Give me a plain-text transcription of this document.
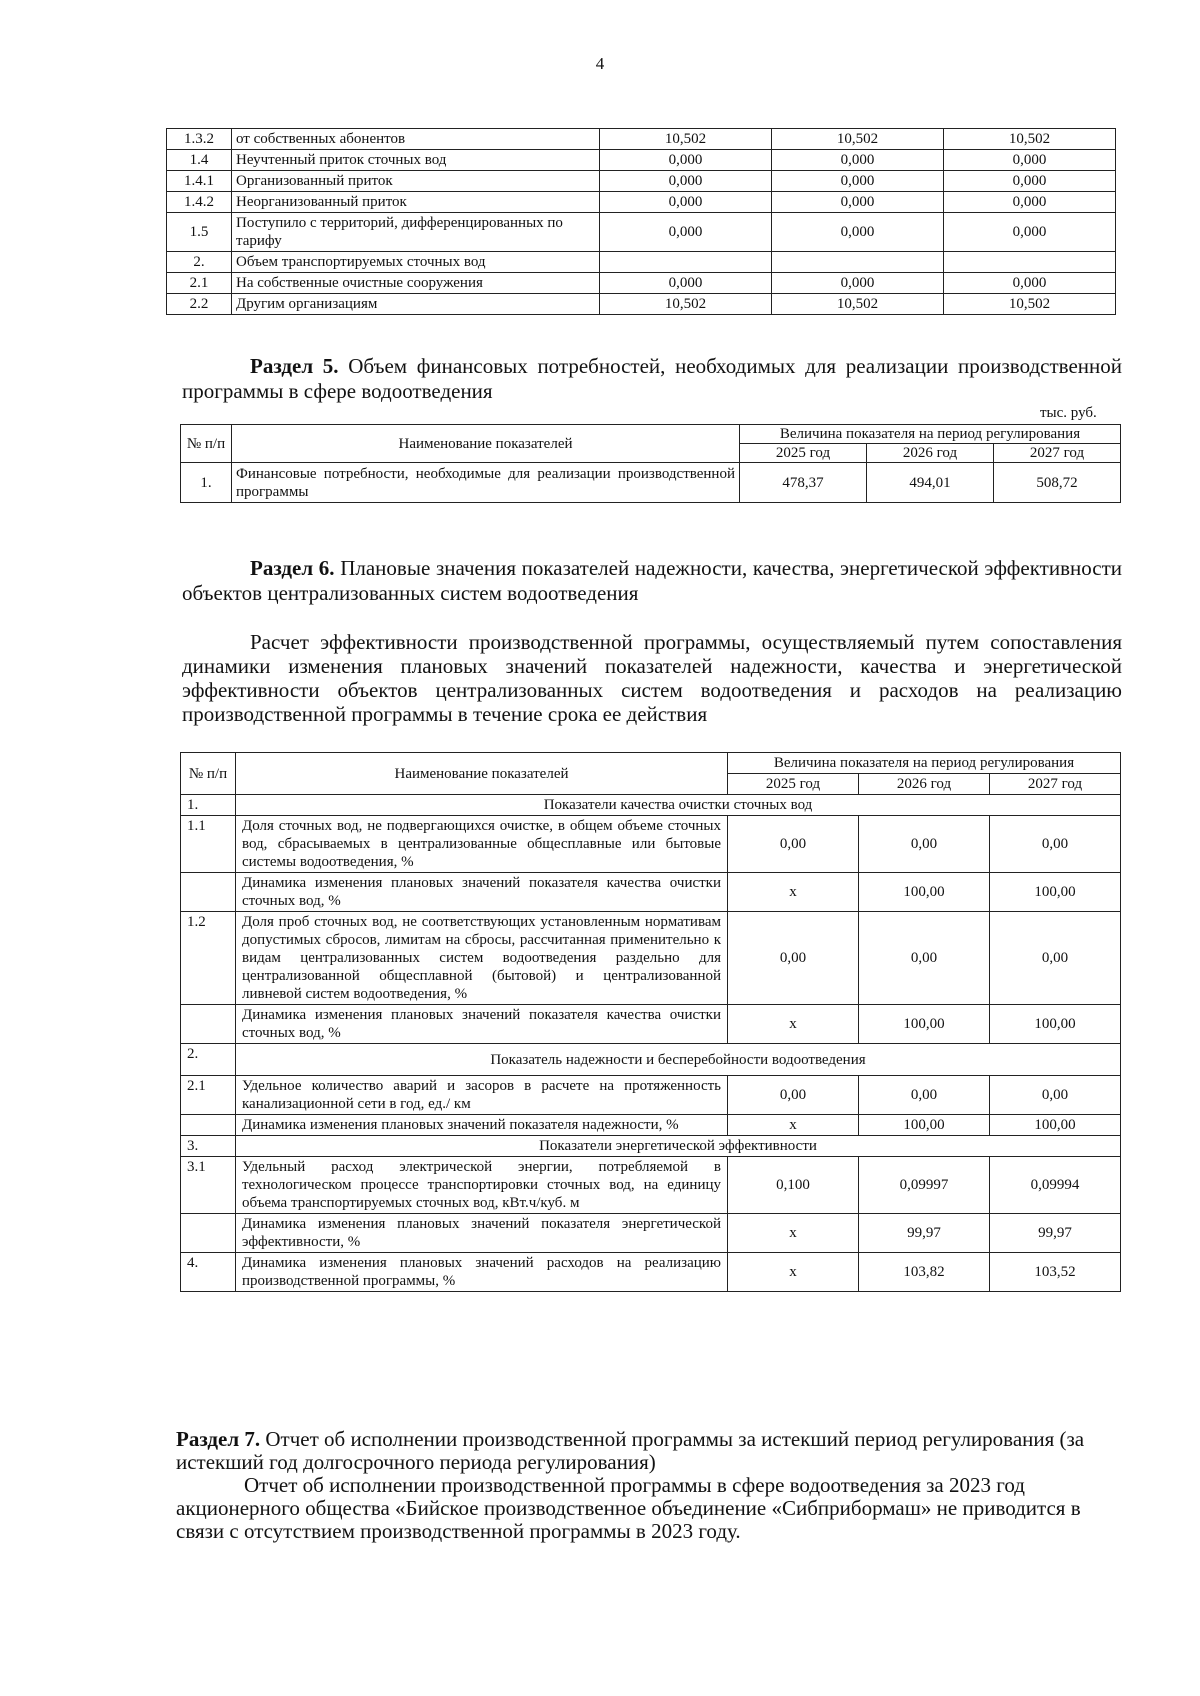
4
1.3.2	от собственных абонентов	10,502	10,502	10,502
1.4	Неучтенный приток сточных вод	0,000	0,000	0,000
1.4.1	Организованный приток	0,000	0,000	0,000
1.4.2	Неорганизованный приток	0,000	0,000	0,000
1.5	Поступило с территорий, дифференцированных по тарифу	0,000	0,000	0,000
2.	Объем транспортируемых сточных вод			
2.1	На собственные очистные сооружения	0,000	0,000	0,000
2.2	Другим организациям	10,502	10,502	10,502
Раздел 5. Объем финансовых потребностей, необходимых для реализации производственной программы в сфере водоотведения
тыс. руб.
№ п/п	Наименование показателей	Величина показателя на период регулирования		
		2025 год	2026 год	2027 год
1.	Финансовые потребности, необходимые для реализации производственной программы	478,37	494,01	508,72
Раздел 6. Плановые значения показателей надежности, качества, энергетической эффективности объектов централизованных систем водоотведения
Расчет эффективности производственной программы, осуществляемый путем сопоставления динамики изменения плановых значений показателей надежности, качества и энергетической эффективности объектов централизованных систем водоотведения и расходов на реализацию производственной программы в течение срока ее действия
№ п/п	Наименование показателей	Величина показателя на период регулирования		
		2025 год	2026 год	2027 год
1.	Показатели качества очистки сточных вод			
1.1	Доля сточных вод, не подвергающихся очистке, в общем объеме сточных вод, сбрасываемых в централизованные общесплавные или бытовые системы водоотведения, %	0,00	0,00	0,00
	Динамика изменения плановых значений показателя качества очистки сточных вод, %	х	100,00	100,00
1.2	Доля проб сточных вод, не соответствующих установленным нормативам допустимых сбросов, лимитам на сбросы, рассчитанная применительно к видам централизованных систем водоотведения раздельно для централизованной общесплавной (бытовой) и централизованной ливневой систем водоотведения, %	0,00	0,00	0,00
	Динамика изменения плановых значений показателя качества очистки сточных вод, %	х	100,00	100,00
2.	Показатель надежности и бесперебойности водоотведения			
2.1	Удельное количество аварий и засоров в расчете на протяженность канализационной сети в год, ед./ км	0,00	0,00	0,00
	Динамика изменения плановых значений показателя надежности, %	х	100,00	100,00
3.	Показатели энергетической эффективности			
3.1	Удельный расход электрической энергии, потребляемой в технологическом процессе транспортировки сточных вод, на единицу объема транспортируемых сточных вод, кВт.ч/куб. м	0,100	0,09997	0,09994
	Динамика изменения плановых значений показателя энергетической эффективности, %	х	99,97	99,97
4.	Динамика изменения плановых значений расходов на реализацию производственной программы, %	х	103,82	103,52

Раздел 7. Отчет об исполнении производственной программы за истекший период регулирования (за истекший год долгосрочного периода регулирования)

Отчет об исполнении производственной программы в сфере водоотведения за 2023 год акционерного общества «Бийское производственное объединение «Сибприбормаш» не приводится в связи с отсутствием производственной программы в 2023 году.
